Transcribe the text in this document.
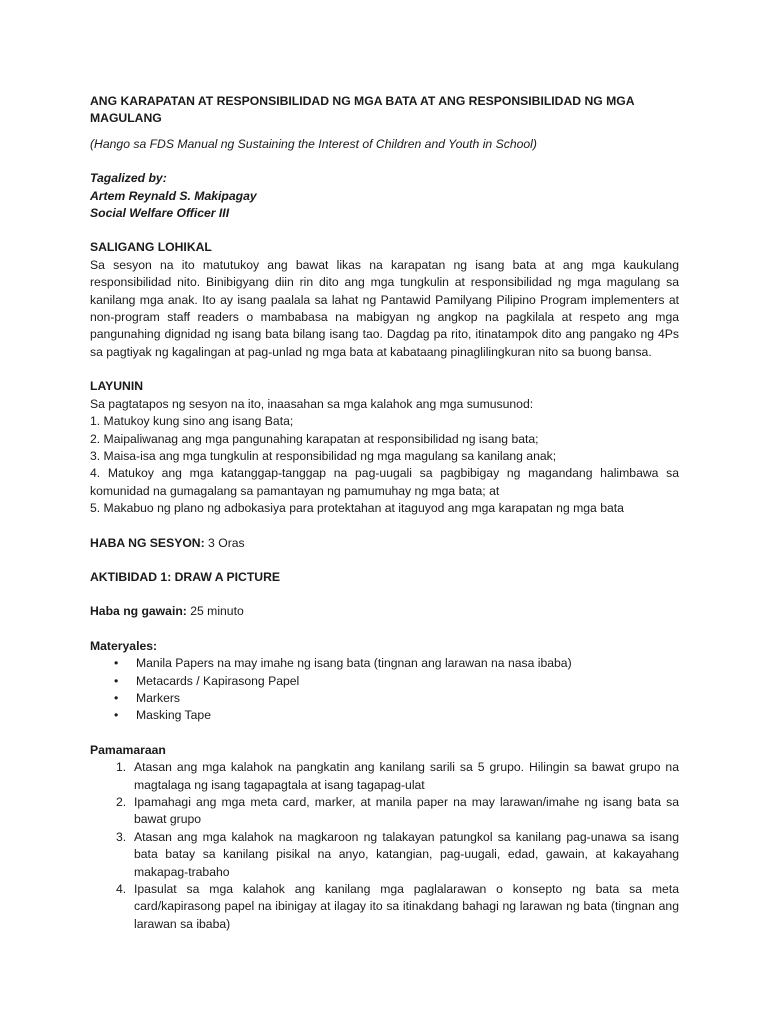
ANG KARAPATAN AT RESPONSIBILIDAD NG MGA BATA AT ANG RESPONSIBILIDAD NG MGA MAGULANG

(Hango sa FDS Manual ng Sustaining the Interest of Children and Youth in School)

Tagalized by:

Artem Reynald S. Makipagay

Social Welfare Officer III

SALIGANG LOHIKAL

Sa sesyon na ito matutukoy ang bawat likas na karapatan ng isang bata at ang mga kaukulang responsibilidad nito. Binibigyang diin rin dito ang mga tungkulin at responsibilidad ng mga magulang sa kanilang mga anak. Ito ay isang paalala sa lahat ng Pantawid Pamilyang Pilipino Program implementers at non-program staff readers o mambabasa na mabigyan ng angkop na pagkilala at respeto ang mga pangunahing dignidad ng isang bata bilang isang tao. Dagdag pa rito, itinatampok dito ang pangako ng 4Ps sa pagtiyak ng kagalingan at pag-unlad ng mga bata at kabataang pinaglilingkuran nito sa buong bansa.

LAYUNIN

Sa pagtatapos ng sesyon na ito, inaasahan sa mga kalahok ang mga sumusunod:

1. Matukoy kung sino ang isang Bata;

2. Maipaliwanag ang mga pangunahing karapatan at responsibilidad ng isang bata;

3. Maisa-isa ang mga tungkulin at responsibilidad ng mga magulang sa kanilang anak;

4. Matukoy ang mga katanggap-tanggap na pag-uugali sa pagbibigay ng magandang halimbawa sa komunidad na gumagalang sa pamantayan ng pamumuhay ng mga bata; at

5. Makabuo ng plano ng adbokasiya para protektahan at itaguyod ang mga karapatan ng mga bata

HABA NG SESYON: 3 Oras

AKTIBIDAD 1: DRAW A PICTURE

Haba ng gawain: 25 minuto

Materyales:

• Manila Papers na may imahe ng isang bata (tingnan ang larawan na nasa ibaba)
• Metacards / Kapirasong Papel
• Markers
• Masking Tape

Pamamaraan

1. Atasan ang mga kalahok na pangkatin ang kanilang sarili sa 5 grupo. Hilingin sa bawat grupo na magtalaga ng isang tagapagtala at isang tagapag-ulat
2. Ipamahagi ang mga meta card, marker, at manila paper na may larawan/imahe ng isang bata sa bawat grupo
3. Atasan ang mga kalahok na magkaroon ng talakayan patungkol sa kanilang pag-unawa sa isang bata batay sa kanilang pisikal na anyo, katangian, pag-uugali, edad, gawain, at kakayahang makapag-trabaho
4. Ipasulat sa mga kalahok ang kanilang mga paglalarawan o konsepto ng bata sa meta card/kapirasong papel na ibinigay at ilagay ito sa itinakdang bahagi ng larawan ng bata (tingnan ang larawan sa ibaba)
